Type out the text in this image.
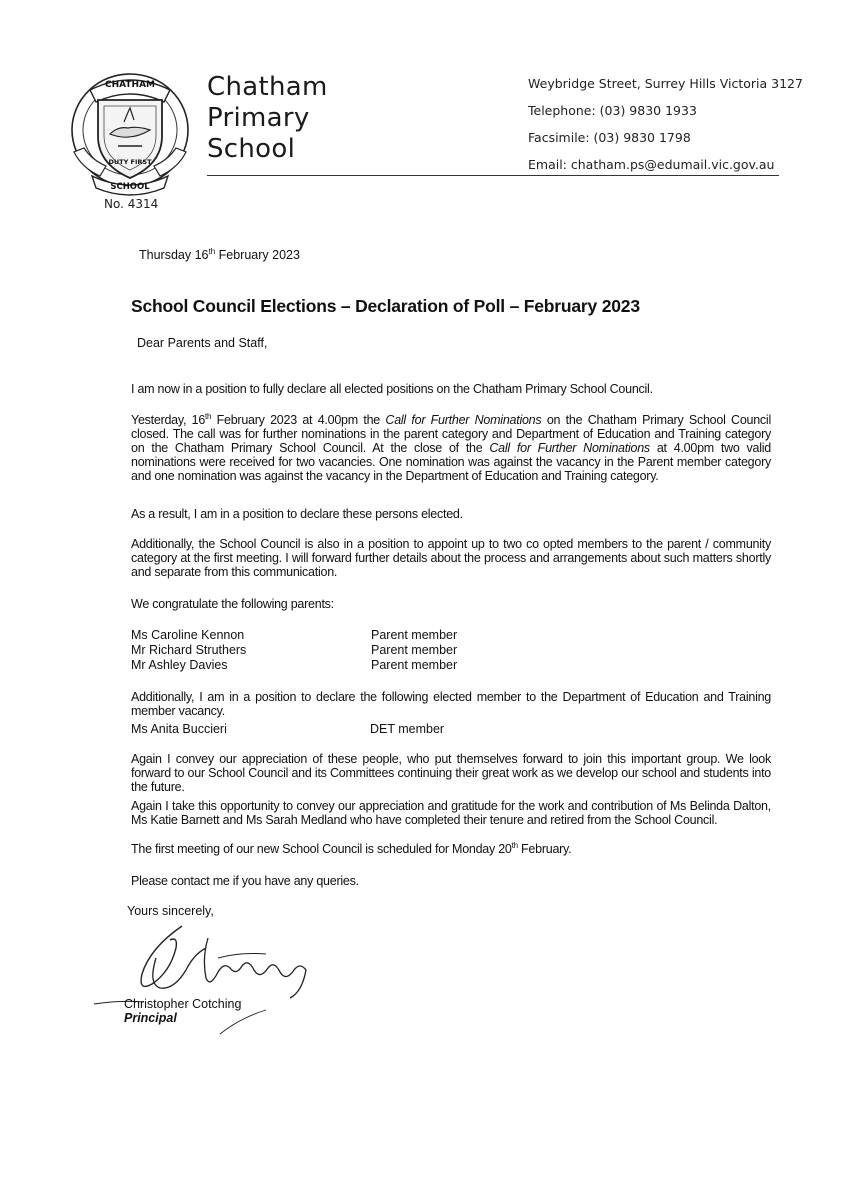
CHATHAM
DUTY FIRST
SCHOOL
Chatham
Primary
School
No. 4314
Weybridge Street, Surrey Hills Victoria 3127
Telephone: (03) 9830 1933
Facsimile: (03) 9830 1798
Email: chatham.ps@edumail.vic.gov.au
Thursday 16th February 2023
School Council Elections – Declaration of Poll – February 2023
Dear Parents and Staff,
I am now in a position to fully declare all elected positions on the Chatham Primary School Council.
Yesterday, 16th February 2023 at 4.00pm the Call for Further Nominations on the Chatham Primary School Council closed. The call was for further nominations in the parent category and Department of Education and Training category on the Chatham Primary School Council. At the close of the Call for Further Nominations at 4.00pm two valid nominations were received for two vacancies. One nomination was against the vacancy in the Parent member category and one nomination was against the vacancy in the Department of Education and Training category.
As a result, I am in a position to declare these persons elected.
Additionally, the School Council is also in a position to appoint up to two co opted members to the parent / community category at the first meeting. I will forward further details about the process and arrangements about such matters shortly and separate from this communication.
We congratulate the following parents:
Ms Caroline Kennon	Parent member
Mr Richard Struthers	Parent member
Mr Ashley Davies	Parent member
Additionally, I am in a position to declare the following elected member to the Department of Education and Training member vacancy.
Ms Anita Buccieri	DET member
Again I convey our appreciation of these people, who put themselves forward to join this important group. We look forward to our School Council and its Committees continuing their great work as we develop our school and students into the future.
Again I take this opportunity to convey our appreciation and gratitude for the work and contribution of Ms Belinda Dalton, Ms Katie Barnett and Ms Sarah Medland who have completed their tenure and retired from the School Council.
The first meeting of our new School Council is scheduled for Monday 20th February.
Please contact me if you have any queries.
Yours sincerely,
Christopher Cotching
Principal
